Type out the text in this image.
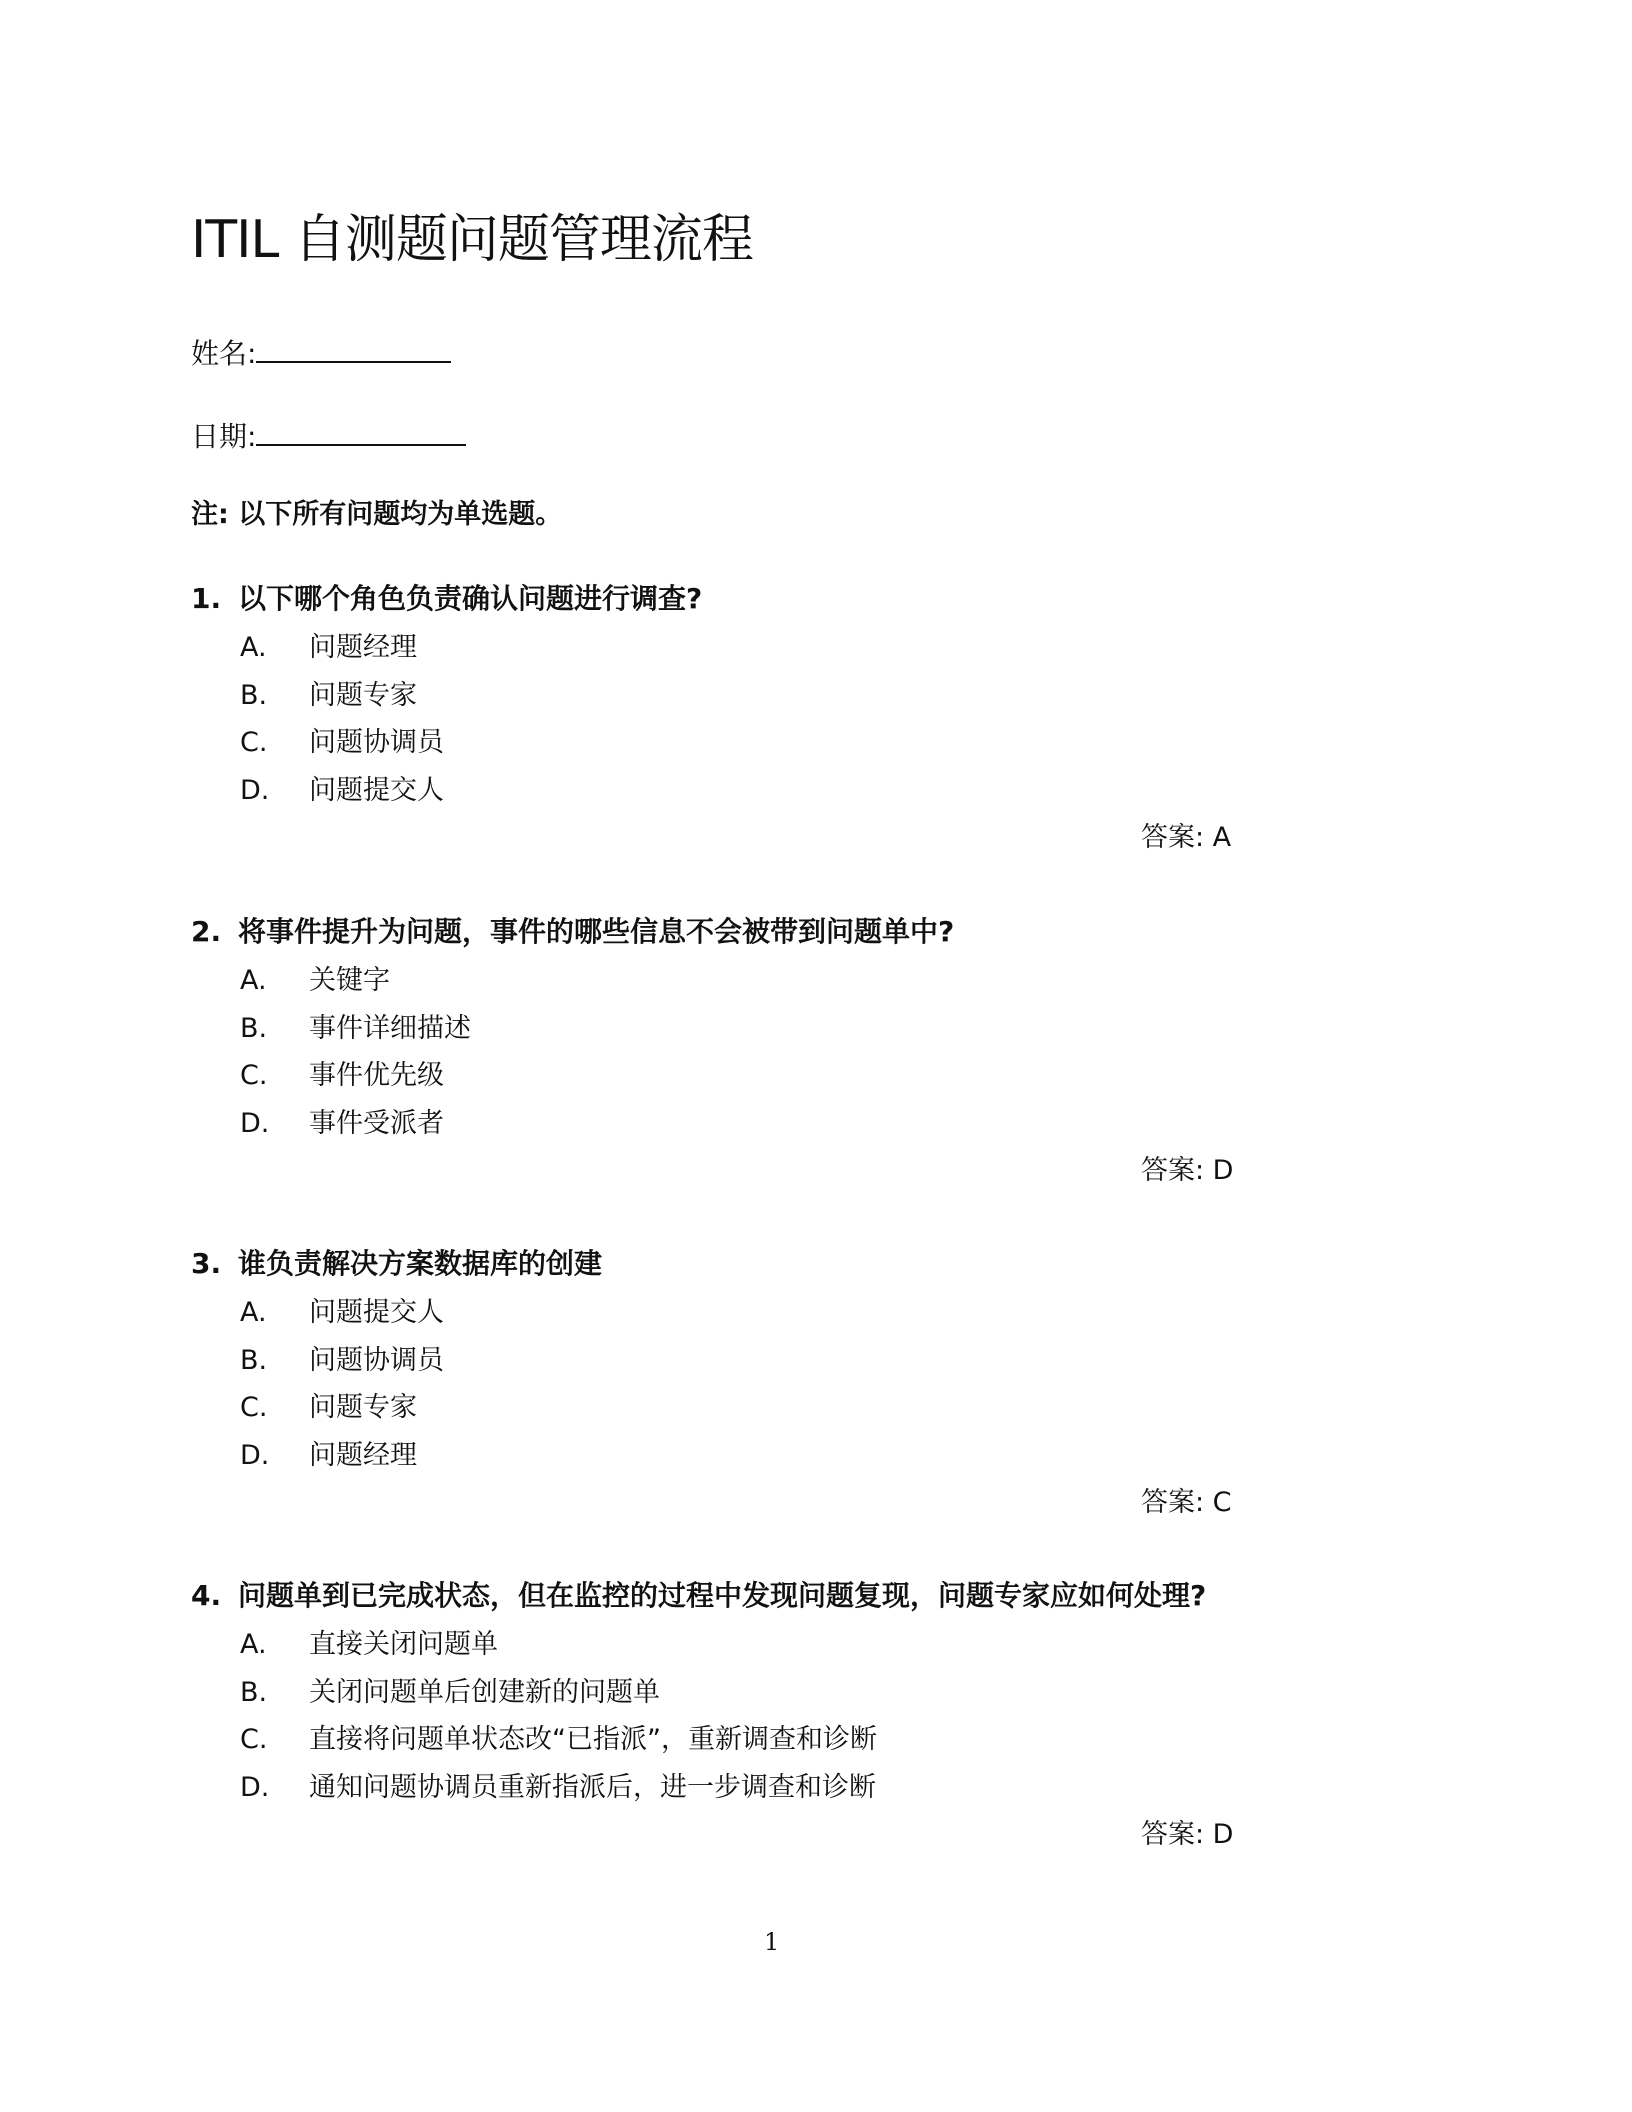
ITIL 自测题问题管理流程
姓名:
日期:
注: 以下所有问题均为单选题。
1. 以下哪个角色负责确认问题进行调查?
A. 问题经理
B. 问题专家
C. 问题协调员
D. 问题提交人
答案: A
2. 将事件提升为问题，事件的哪些信息不会被带到问题单中?
A. 关键字
B. 事件详细描述
C. 事件优先级
D. 事件受派者
答案: D
3. 谁负责解决方案数据库的创建
A. 问题提交人
B. 问题协调员
C. 问题专家
D. 问题经理
答案: C
4. 问题单到已完成状态，但在监控的过程中发现问题复现，问题专家应如何处理?
A. 直接关闭问题单
B. 关闭问题单后创建新的问题单
C. 直接将问题单状态改“已指派”，重新调查和诊断
D. 通知问题协调员重新指派后，进一步调查和诊断
答案: D
1
